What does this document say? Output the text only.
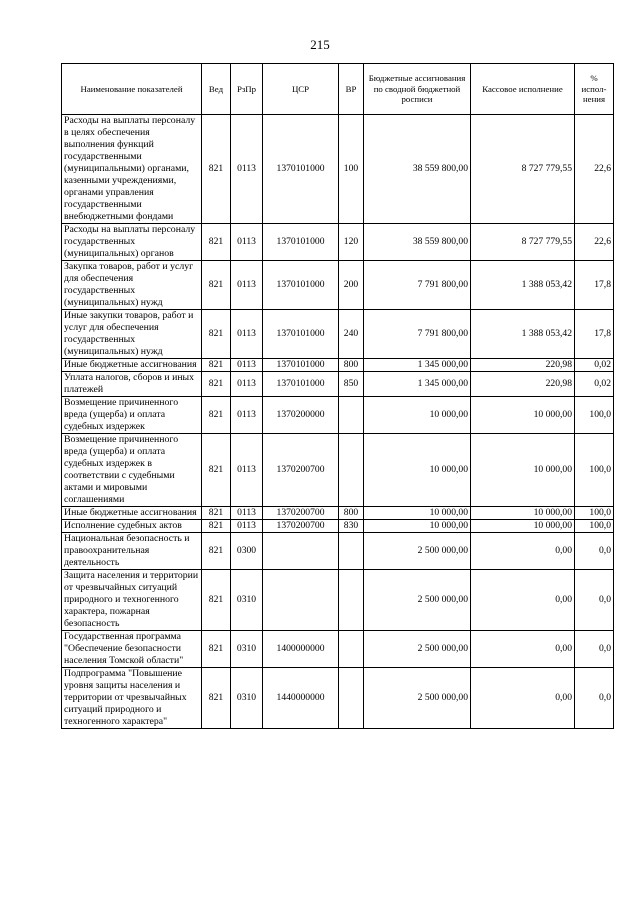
215
Наименование показателей	Вед	РзПр	ЦСР	ВР	Бюджетные ассигнования по сводной бюджетной росписи	Кассовое исполнение	% испол-нения
Расходы на выплаты персоналу в целях обеспечения выполнения функций государственными (муниципальными) органами, казенными учреждениями, органами управления государственными внебюджетными фондами	821	0113	1370101000	100	38 559 800,00	8 727 779,55	22,6
Расходы на выплаты персоналу государственных (муниципальных) органов	821	0113	1370101000	120	38 559 800,00	8 727 779,55	22,6
Закупка товаров, работ и услуг для обеспечения государственных (муниципальных) нужд	821	0113	1370101000	200	7 791 800,00	1 388 053,42	17,8
Иные закупки товаров, работ и услуг для обеспечения государственных (муниципальных) нужд	821	0113	1370101000	240	7 791 800,00	1 388 053,42	17,8
Иные бюджетные ассигнования	821	0113	1370101000	800	1 345 000,00	220,98	0,02
Уплата налогов, сборов и иных платежей	821	0113	1370101000	850	1 345 000,00	220,98	0,02
Возмещение причиненного вреда (ущерба) и оплата судебных издержек	821	0113	1370200000		10 000,00	10 000,00	100,0
Возмещение причиненного вреда (ущерба) и оплата судебных издержек в соответствии с судебными актами и мировыми соглашениями	821	0113	1370200700		10 000,00	10 000,00	100,0
Иные бюджетные ассигнования	821	0113	1370200700	800	10 000,00	10 000,00	100,0
Исполнение судебных актов	821	0113	1370200700	830	10 000,00	10 000,00	100,0
Национальная безопасность и правоохранительная деятельность	821	0300			2 500 000,00	0,00	0,0
Защита населения и территории от чрезвычайных ситуаций природного и техногенного характера, пожарная безопасность	821	0310			2 500 000,00	0,00	0,0
Государственная программа "Обеспечение безопасности населения Томской области"	821	0310	1400000000		2 500 000,00	0,00	0,0
Подпрограмма "Повышение уровня защиты населения и территории от чрезвычайных ситуаций природного и техногенного характера"	821	0310	1440000000		2 500 000,00	0,00	0,0
